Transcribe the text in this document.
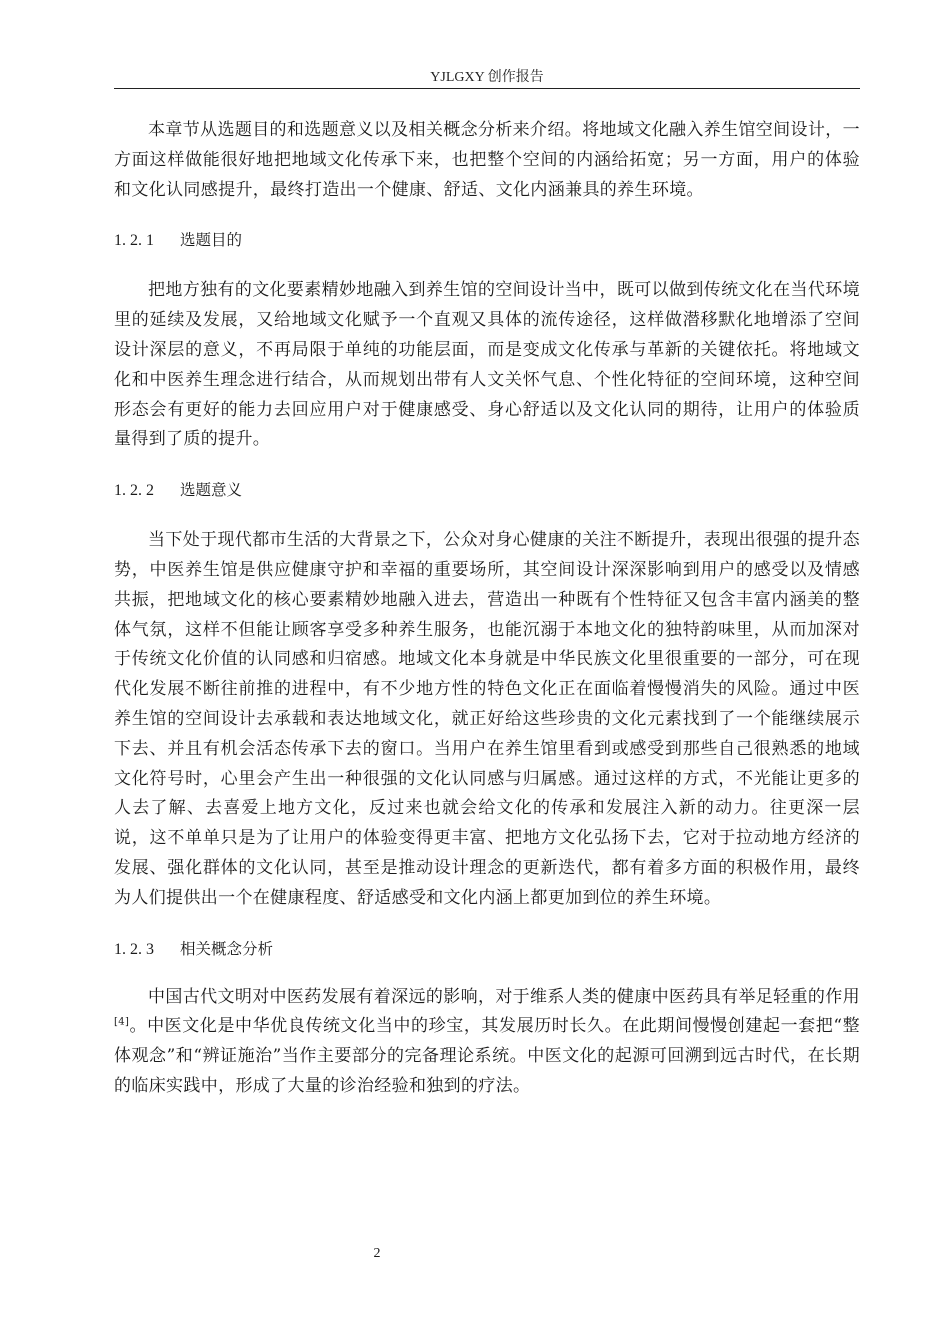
YJLGXY 创作报告

本章节从选题目的和选题意义以及相关概念分析来介绍。将地域文化融入养生馆空间设计，一方面这样做能很好地把地域文化传承下来，也把整个空间的内涵给拓宽；另一方面，用户的体验和文化认同感提升，最终打造出一个健康、舒适、文化内涵兼具的养生环境。

1. 2. 1 选题目的

把地方独有的文化要素精妙地融入到养生馆的空间设计当中，既可以做到传统文化在当代环境里的延续及发展，又给地域文化赋予一个直观又具体的流传途径，这样做潜移默化地增添了空间设计深层的意义，不再局限于单纯的功能层面，而是变成文化传承与革新的关键依托。将地域文化和中医养生理念进行结合，从而规划出带有人文关怀气息、个性化特征的空间环境，这种空间形态会有更好的能力去回应用户对于健康感受、身心舒适以及文化认同的期待，让用户的体验质量得到了质的提升。

1. 2. 2 选题意义

当下处于现代都市生活的大背景之下，公众对身心健康的关注不断提升，表现出很强的提升态势，中医养生馆是供应健康守护和幸福的重要场所，其空间设计深深影响到用户的感受以及情感共振，把地域文化的核心要素精妙地融入进去，营造出一种既有个性特征又包含丰富内涵美的整体气氛，这样不但能让顾客享受多种养生服务，也能沉溺于本地文化的独特韵味里，从而加深对于传统文化价值的认同感和归宿感。地域文化本身就是中华民族文化里很重要的一部分，可在现代化发展不断往前推的进程中，有不少地方性的特色文化正在面临着慢慢消失的风险。通过中医养生馆的空间设计去承载和表达地域文化，就正好给这些珍贵的文化元素找到了一个能继续展示下去、并且有机会活态传承下去的窗口。当用户在养生馆里看到或感受到那些自己很熟悉的地域文化符号时，心里会产生出一种很强的文化认同感与归属感。通过这样的方式，不光能让更多的人去了解、去喜爱上地方文化，反过来也就会给文化的传承和发展注入新的动力。往更深一层说，这不单单只是为了让用户的体验变得更丰富、把地方文化弘扬下去，它对于拉动地方经济的发展、强化群体的文化认同，甚至是推动设计理念的更新迭代，都有着多方面的积极作用，最终为人们提供出一个在健康程度、舒适感受和文化内涵上都更加到位的养生环境。

1. 2. 3 相关概念分析

中国古代文明对中医药发展有着深远的影响，对于维系人类的健康中医药具有举足轻重的作用[4]。中医文化是中华优良传统文化当中的珍宝，其发展历时长久。在此期间慢慢创建起一套把“整体观念”和“辨证施治”当作主要部分的完备理论系统。中医文化的起源可回溯到远古时代，在长期的临床实践中，形成了大量的诊治经验和独到的疗法。

2
